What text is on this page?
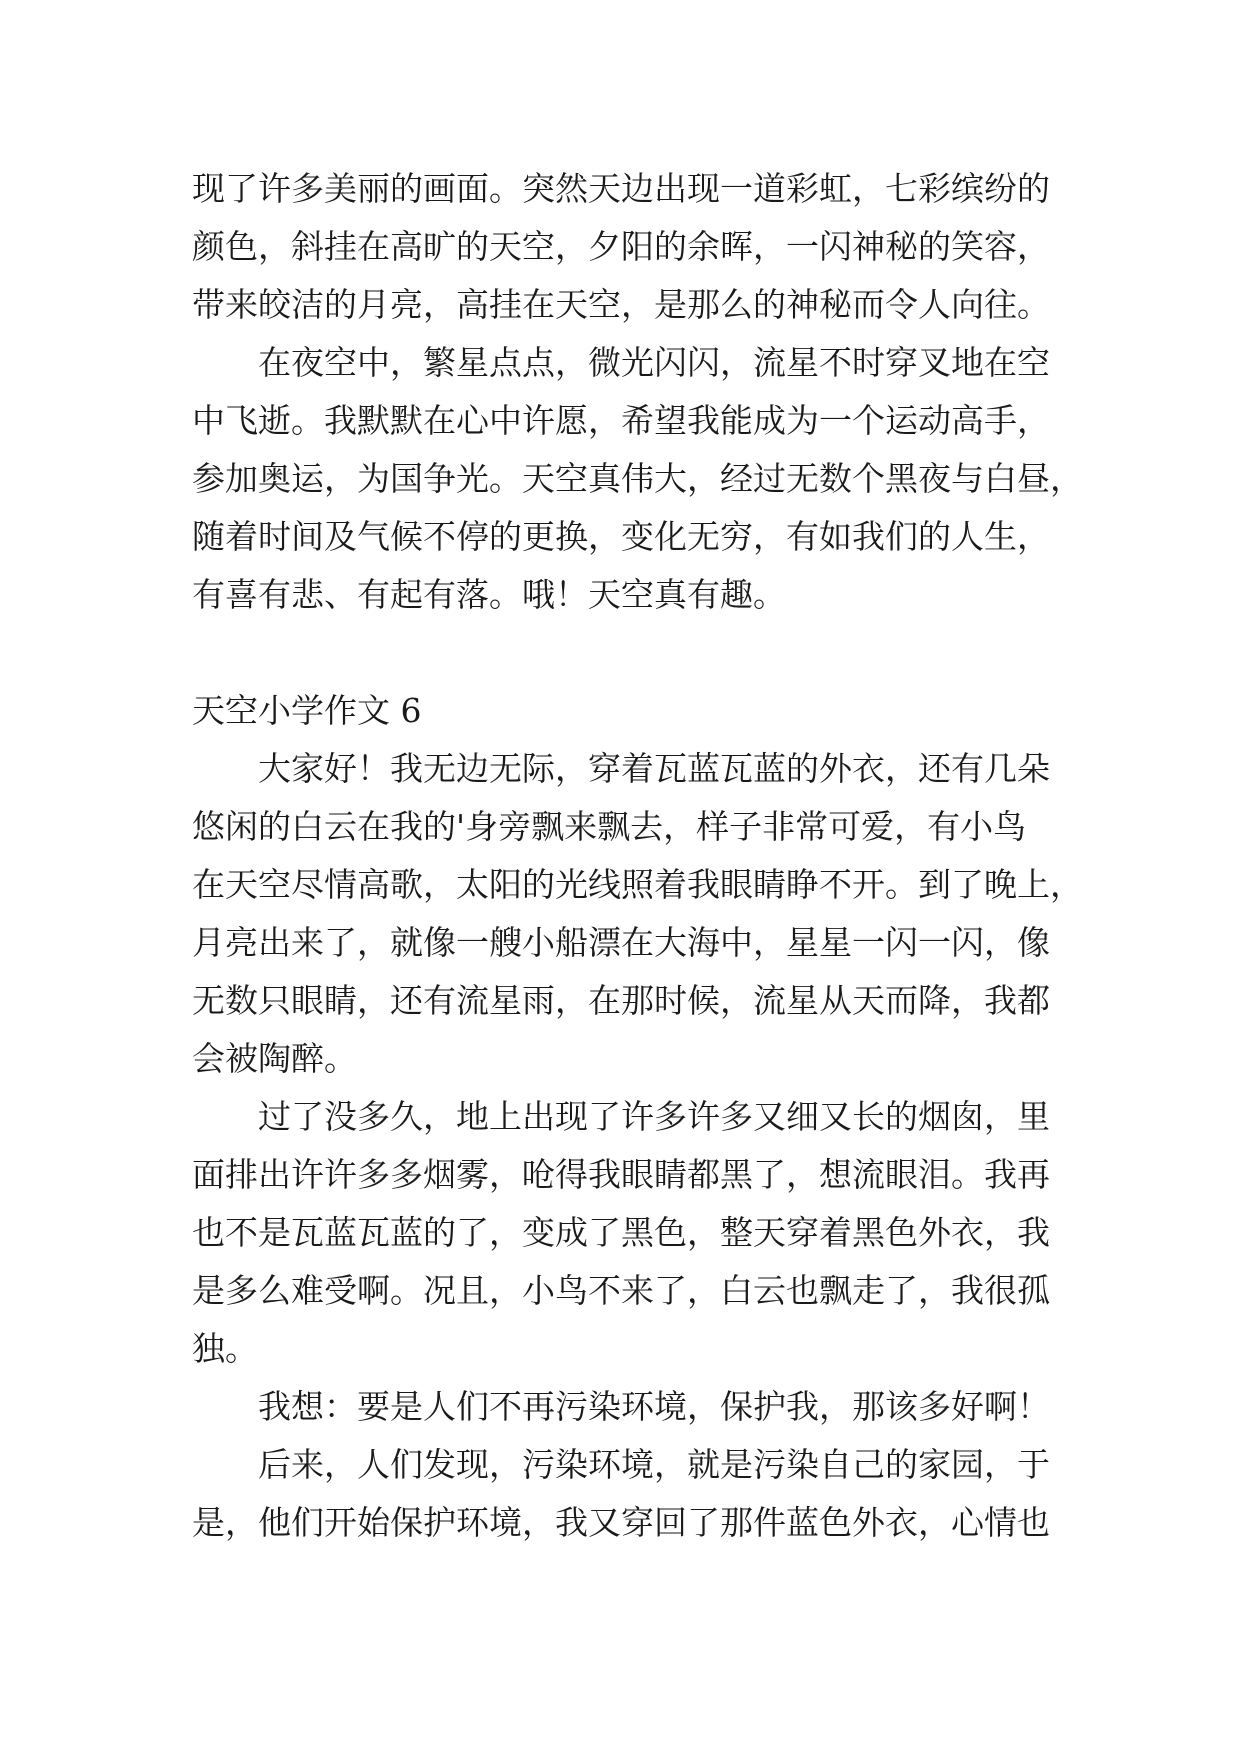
现了许多美丽的画面。突然天边出现一道彩虹，七彩缤纷的
颜色，斜挂在高旷的天空，夕阳的余晖，一闪神秘的笑容，
带来皎洁的月亮，高挂在天空，是那么的神秘而令人向往。
在夜空中，繁星点点，微光闪闪，流星不时穿叉地在空
中飞逝。我默默在心中许愿，希望我能成为一个运动高手，
参加奥运，为国争光。天空真伟大，经过无数个黑夜与白昼，
随着时间及气候不停的更换，变化无穷，有如我们的人生，
有喜有悲、有起有落。哦！天空真有趣。
天空小学作文 6
大家好！我无边无际，穿着瓦蓝瓦蓝的外衣，还有几朵
悠闲的白云在我的'身旁飘来飘去，样子非常可爱，有小鸟
在天空尽情高歌，太阳的光线照着我眼睛睁不开。到了晚上，
月亮出来了，就像一艘小船漂在大海中，星星一闪一闪，像
无数只眼睛，还有流星雨，在那时候，流星从天而降，我都
会被陶醉。
过了没多久，地上出现了许多许多又细又长的烟囱，里
面排出许许多多烟雾，呛得我眼睛都黑了，想流眼泪。我再
也不是瓦蓝瓦蓝的了，变成了黑色，整天穿着黑色外衣，我
是多么难受啊。况且，小鸟不来了，白云也飘走了，我很孤
独。
我想：要是人们不再污染环境，保护我，那该多好啊！
后来，人们发现，污染环境，就是污染自己的家园，于
是，他们开始保护环境，我又穿回了那件蓝色外衣，心情也
